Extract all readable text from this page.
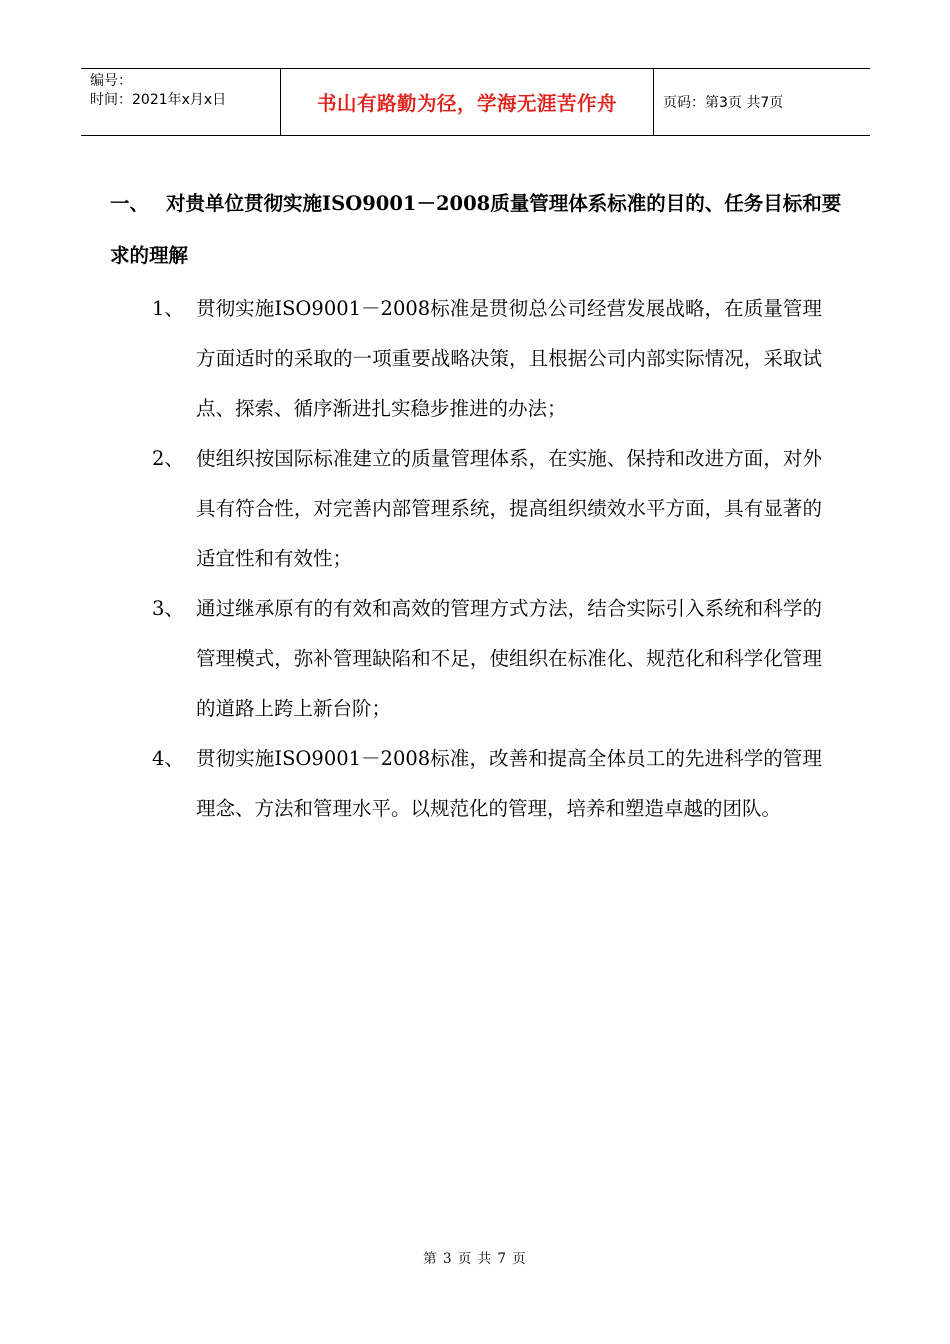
编号：
时间：2021年x月x日	书山有路勤为径，学海无涯苦作舟	页码：第3页 共7页
一、 对贵单位贯彻实施ISO9001－2008质量管理体系标准的目的、任务目标和要求的理解
1、 贯彻实施ISO9001－2008标准是贯彻总公司经营发展战略，在质量管理方面适时的采取的一项重要战略决策，且根据公司内部实际情况，采取试点、探索、循序渐进扎实稳步推进的办法；
2、 使组织按国际标准建立的质量管理体系，在实施、保持和改进方面，对外具有符合性，对完善内部管理系统，提高组织绩效水平方面，具有显著的适宜性和有效性；
3、 通过继承原有的有效和高效的管理方式方法，结合实际引入系统和科学的管理模式，弥补管理缺陷和不足，使组织在标准化、规范化和科学化管理的道路上跨上新台阶；
4、 贯彻实施ISO9001－2008标准，改善和提高全体员工的先进科学的管理理念、方法和管理水平。以规范化的管理，培养和塑造卓越的团队。
第 3 页 共 7 页
